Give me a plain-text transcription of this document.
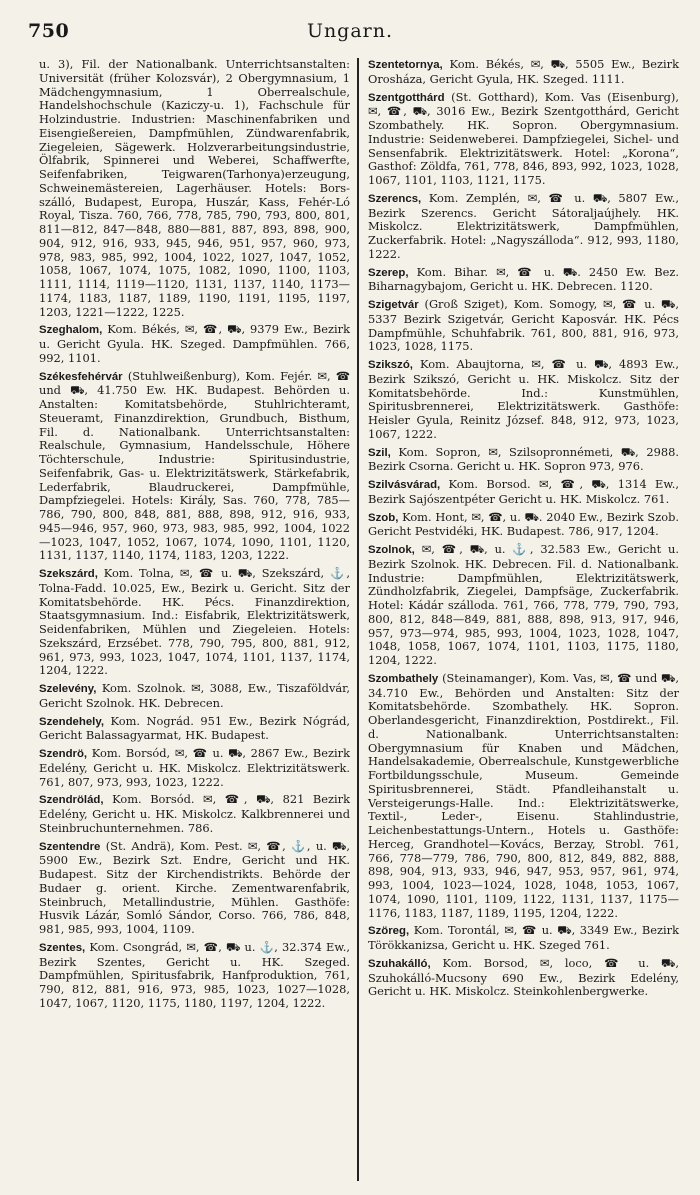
750	Ungarn.

u. 3), Fil. der Nationalbank. Unterrichtsanstalten: Universität (früher Kolozsvár), 2 Obergymnasium, 1 Mädchengymnasium, 1 Oberrealschule, Handelshochschule (Kaziczy-u. 1), Fachschule für Holzindustrie. Industrien: Maschinenfabriken und Eisengießereien, Dampfmühlen, Zündwarenfabrik, Ziegeleien, Sägewerk. Holzverarbeitungsindustrie, Ölfabrik, Spinnerei und Weberei, Schaffwerfte, Seifenfabriken, Teigwaren(Tarhonya)erzeugung, Schweinemästereien, Lagerhäuser. Hotels: Bors-szálló, Budapest, Europa, Huszár, Kass, Fehér-Ló Royal, Tisza. 760, 766, 778, 785, 790, 793, 800, 801, 811—812, 847—848, 880—881, 887, 893, 898, 900, 904, 912, 916, 933, 945, 946, 951, 957, 960, 973, 978, 983, 985, 992, 1004, 1022, 1027, 1047, 1052, 1058, 1067, 1074, 1075, 1082, 1090, 1100, 1103, 1111, 1114, 1119—1120, 1131, 1137, 1140, 1173—1174, 1183, 1187, 1189, 1190, 1191, 1195, 1197, 1203, 1221—1222, 1225.

Szeghalom, Kom. Békés, ✉, ☎, ⛟, 9379 Ew., Bezirk u. Gericht Gyula. HK. Szeged. Dampfmühlen. 766, 992, 1101.

Székesfehérvár (Stuhlweißenburg), Kom. Fejér. ✉, ☎ und ⛟, 41.750 Ew. HK. Budapest. Behörden u. Anstalten: Komitatsbehörde, Stuhlrichteramt, Steueramt, Finanzdirektion, Grundbuch, Bisthum, Fil. d. Nationalbank. Unterrichtsanstalten: Realschule, Gymnasium, Handelsschule, Höhere Töchterschule, Industrie: Spiritusindustrie, Seifenfabrik, Gas- u. Elektrizitätswerk, Stärkefabrik, Lederfabrik, Blaudruckerei, Dampfmühle, Dampfziegelei. Hotels: Király, Sas. 760, 778, 785—786, 790, 800, 848, 881, 888, 898, 912, 916, 933, 945—946, 957, 960, 973, 983, 985, 992, 1004, 1022—1023, 1047, 1052, 1067, 1074, 1090, 1101, 1120, 1131, 1137, 1140, 1174, 1183, 1203, 1222.

Szekszárd, Kom. Tolna, ✉, ☎ u. ⛟, Szekszárd, ⚓, Tolna-Fadd. 10.025, Ew., Bezirk u. Gericht. Sitz der Komitatsbehörde. HK. Pécs. Finanzdirektion, Staatsgymnasium. Ind.: Eisfabrik, Elektrizitätswerk, Seidenfabriken, Mühlen und Ziegeleien. Hotels: Szekszárd, Erzsébet. 778, 790, 795, 800, 881, 912, 961, 973, 993, 1023, 1047, 1074, 1101, 1137, 1174, 1204, 1222.

Szelevény, Kom. Szolnok. ✉, 3088, Ew., Tiszaföldvár, Gericht Szolnok. HK. Debrecen.

Szendehely, Kom. Nográd. 951 Ew., Bezirk Nógrád, Gericht Balassagyarmat, HK. Budapest.

Szendrö, Kom. Borsód, ✉, ☎ u. ⛟, 2867 Ew., Bezirk Edelény, Gericht u. HK. Miskolcz. Elektrizitätswerk. 761, 807, 973, 993, 1023, 1222.

Szendrölád, Kom. Borsód. ✉, ☎, ⛟, 821 Bezirk Edelény, Gericht u. HK. Miskolcz. Kalkbrennerei und Steinbruchunternehmen. 786.

Szentendre (St. Andrä), Kom. Pest. ✉, ☎, ⚓, u. ⛟, 5900 Ew., Bezirk Szt. Endre, Gericht und HK. Budapest. Sitz der Kirchendistrikts. Behörde der Budaer g. orient. Kirche. Zementwarenfabrik, Steinbruch, Metallindustrie, Mühlen. Gasthöfe: Husvik Lázár, Somló Sándor, Corso. 766, 786, 848, 981, 985, 993, 1004, 1109.

Szentes, Kom. Csongrád, ✉, ☎, ⛟ u. ⚓, 32.374 Ew., Bezirk Szentes, Gericht u. HK. Szeged. Dampfmühlen, Spiritusfabrik, Hanfproduktion, 761, 790, 812, 881, 916, 973, 985, 1023, 1027—1028, 1047, 1067, 1120, 1175, 1180, 1197, 1204, 1222.

Szentetornya, Kom. Békés, ✉, ⛟, 5505 Ew., Bezirk Orosháza, Gericht Gyula, HK. Szeged. 1111.

Szentgotthárd (St. Gotthard), Kom. Vas (Eisenburg), ✉, ☎, ⛟, 3016 Ew., Bezirk Szentgotthárd, Gericht Szombathely. HK. Sopron. Obergymnasium. Industrie: Seidenweberei. Dampfziegelei, Sichel- und Sensenfabrik. Elektrizitätswerk. Hotel: „Korona“, Gasthof: Zöldfa, 761, 778, 846, 893, 992, 1023, 1028, 1067, 1101, 1103, 1121, 1175.

Szerencs, Kom. Zemplén, ✉, ☎ u. ⛟, 5807 Ew., Bezirk Szerencs. Gericht Sátoraljaújhely. HK. Miskolcz. Elektrizitätswerk, Dampfmühlen, Zuckerfabrik. Hotel: „Nagyszálloda“. 912, 993, 1180, 1222.

Szerep, Kom. Bihar. ✉, ☎ u. ⛟. 2450 Ew. Bez. Biharnagybajom, Gericht u. HK. Debrecen. 1120.

Szigetvár (Groß Sziget), Kom. Somogy, ✉, ☎ u. ⛟, 5337 Bezirk Szigetvár, Gericht Kaposvár. HK. Pécs Dampfmühle, Schuhfabrik. 761, 800, 881, 916, 973, 1023, 1028, 1175.

Szikszó, Kom. Abaujtorna, ✉, ☎ u. ⛟, 4893 Ew., Bezirk Szikszó, Gericht u. HK. Miskolcz. Sitz der Komitatsbehörde. Ind.: Kunstmühlen, Spiritusbrennerei, Elektrizitätswerk. Gasthöfe: Heisler Gyula, Reinitz József. 848, 912, 973, 1023, 1067, 1222.

Szil, Kom. Sopron, ✉, Szilsopronnémeti, ⛟, 2988. Bezirk Csorna. Gericht u. HK. Sopron 973, 976.

Szilvásvárad, Kom. Borsod. ✉, ☎, ⛟, 1314 Ew., Bezirk Sajószentpéter Gericht u. HK. Miskolcz. 761.

Szob, Kom. Hont, ✉, ☎, u. ⛟. 2040 Ew., Bezirk Szob. Gericht Pestvidéki, HK. Budapest. 786, 917, 1204.

Szolnok, ✉, ☎, ⛟, u. ⚓, 32.583 Ew., Gericht u. Bezirk Szolnok. HK. Debrecen. Fil. d. Nationalbank. Industrie: Dampfmühlen, Elektrizitätswerk, Zündholzfabrik, Ziegelei, Dampfsäge, Zuckerfabrik. Hotel: Kádár szálloda. 761, 766, 778, 779, 790, 793, 800, 812, 848—849, 881, 888, 898, 913, 917, 946, 957, 973—974, 985, 993, 1004, 1023, 1028, 1047, 1048, 1058, 1067, 1074, 1101, 1103, 1175, 1180, 1204, 1222.

Szombathely (Steinamanger), Kom. Vas, ✉, ☎ und ⛟, 34.710 Ew., Behörden und Anstalten: Sitz der Komitatsbehörde. Szombathely. HK. Sopron. Oberlandesgericht, Finanzdirektion, Postdirekt., Fil. d. Nationalbank. Unterrichtsanstalten: Obergymnasium für Knaben und Mädchen, Handelsakademie, Oberrealschule, Kunstgewerbliche Fortbildungsschule, Museum. Gemeinde Spiritusbrennerei, Städt. Pfandleihanstalt u. Versteigerungs-Halle. Ind.: Elektrizitätswerke, Textil-, Leder-, Eisenu. Stahlindustrie, Leichenbestattungs-Untern., Hotels u. Gasthöfe: Herceg, Grandhotel—Kovács, Berzay, Strobl. 761, 766, 778—779, 786, 790, 800, 812, 849, 882, 888, 898, 904, 913, 933, 946, 947, 953, 957, 961, 974, 993, 1004, 1023—1024, 1028, 1048, 1053, 1067, 1074, 1090, 1101, 1109, 1122, 1131, 1137, 1175—1176, 1183, 1187, 1189, 1195, 1204, 1222.

Szöreg, Kom. Torontál, ✉, ☎ u. ⛟, 3349 Ew., Bezirk Törökkanizsa, Gericht u. HK. Szeged 761.

Szuhakálló, Kom. Borsod, ✉, loco, ☎ u. ⛟, Szuhokálló-Mucsony 690 Ew., Bezirk Edelény, Gericht u. HK. Miskolcz. Steinkohlenbergwerke.
